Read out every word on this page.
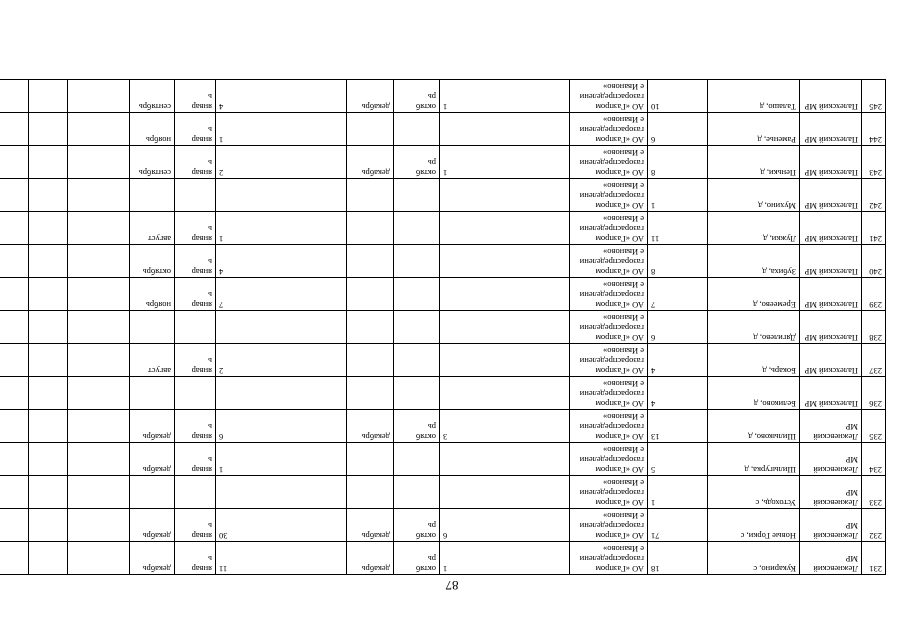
87
231	Лежневский
МР	Кукарино, с	18	АО «Газпром
газораспределени
е Иваново»	1	октяб
рь	декабрь	11	январ
ь	декабрь			
232	Лежневский
МР	Новые Горки, с	71	АО «Газпром
газораспределени
е Иваново»	6	октяб
рь	декабрь	30	январ
ь	декабрь			
233	Лежневский
МР	Устоходь, с	1	АО «Газпром
газораспределени
е Иваново»									
234	Лежневский
МР	Шилыгурка, д	5	АО «Газпром
газораспределени
е Иваново»				1	январ
ь	декабрь			
235	Лежневский
МР	Шилыково, д	13	АО «Газпром
газораспределени
е Иваново»	3	октяб
рь	декабрь	6	январ
ь	декабрь			
236	Палехский МР	Беликово, д	4	АО «Газпром
газораспределени
е Иваново»									
237	Палехский МР	Бокарь, д	4	АО «Газпром
газораспределени
е Иваново»				2	январ
ь	август			
238	Палехский МР	Дягилево, д	6	АО «Газпром
газораспределени
е Иваново»									
239	Палехский МР	Еремеево, д	7	АО «Газпром
газораспределени
е Иваново»				7	январ
ь	ноябрь			
240	Палехский МР	Зубиха, д	8	АО «Газпром
газораспределени
е Иваново»				4	январ
ь	октябрь			
241	Палехский МР	Лужки, д	11	АО «Газпром
газораспределени
е Иваново»				1	январ
ь	август			
242	Палехский МР	Мухино, д	1	АО «Газпром
газораспределени
е Иваново»									
243	Палехский МР	Пеньки, д	8	АО «Газпром
газораспределени
е Иваново»	1	октяб
рь	декабрь	2	январ
ь	сентябрь			
244	Палехский МР	Раменье, д	6	АО «Газпром
газораспределени
е Иваново»				1	январ
ь	ноябрь			
245	Палехский МР	Талашо, д	10	АО «Газпром
газораспределени
е Иваново»	1	октяб
рь	декабрь	4	январ
ь	сентябрь			
